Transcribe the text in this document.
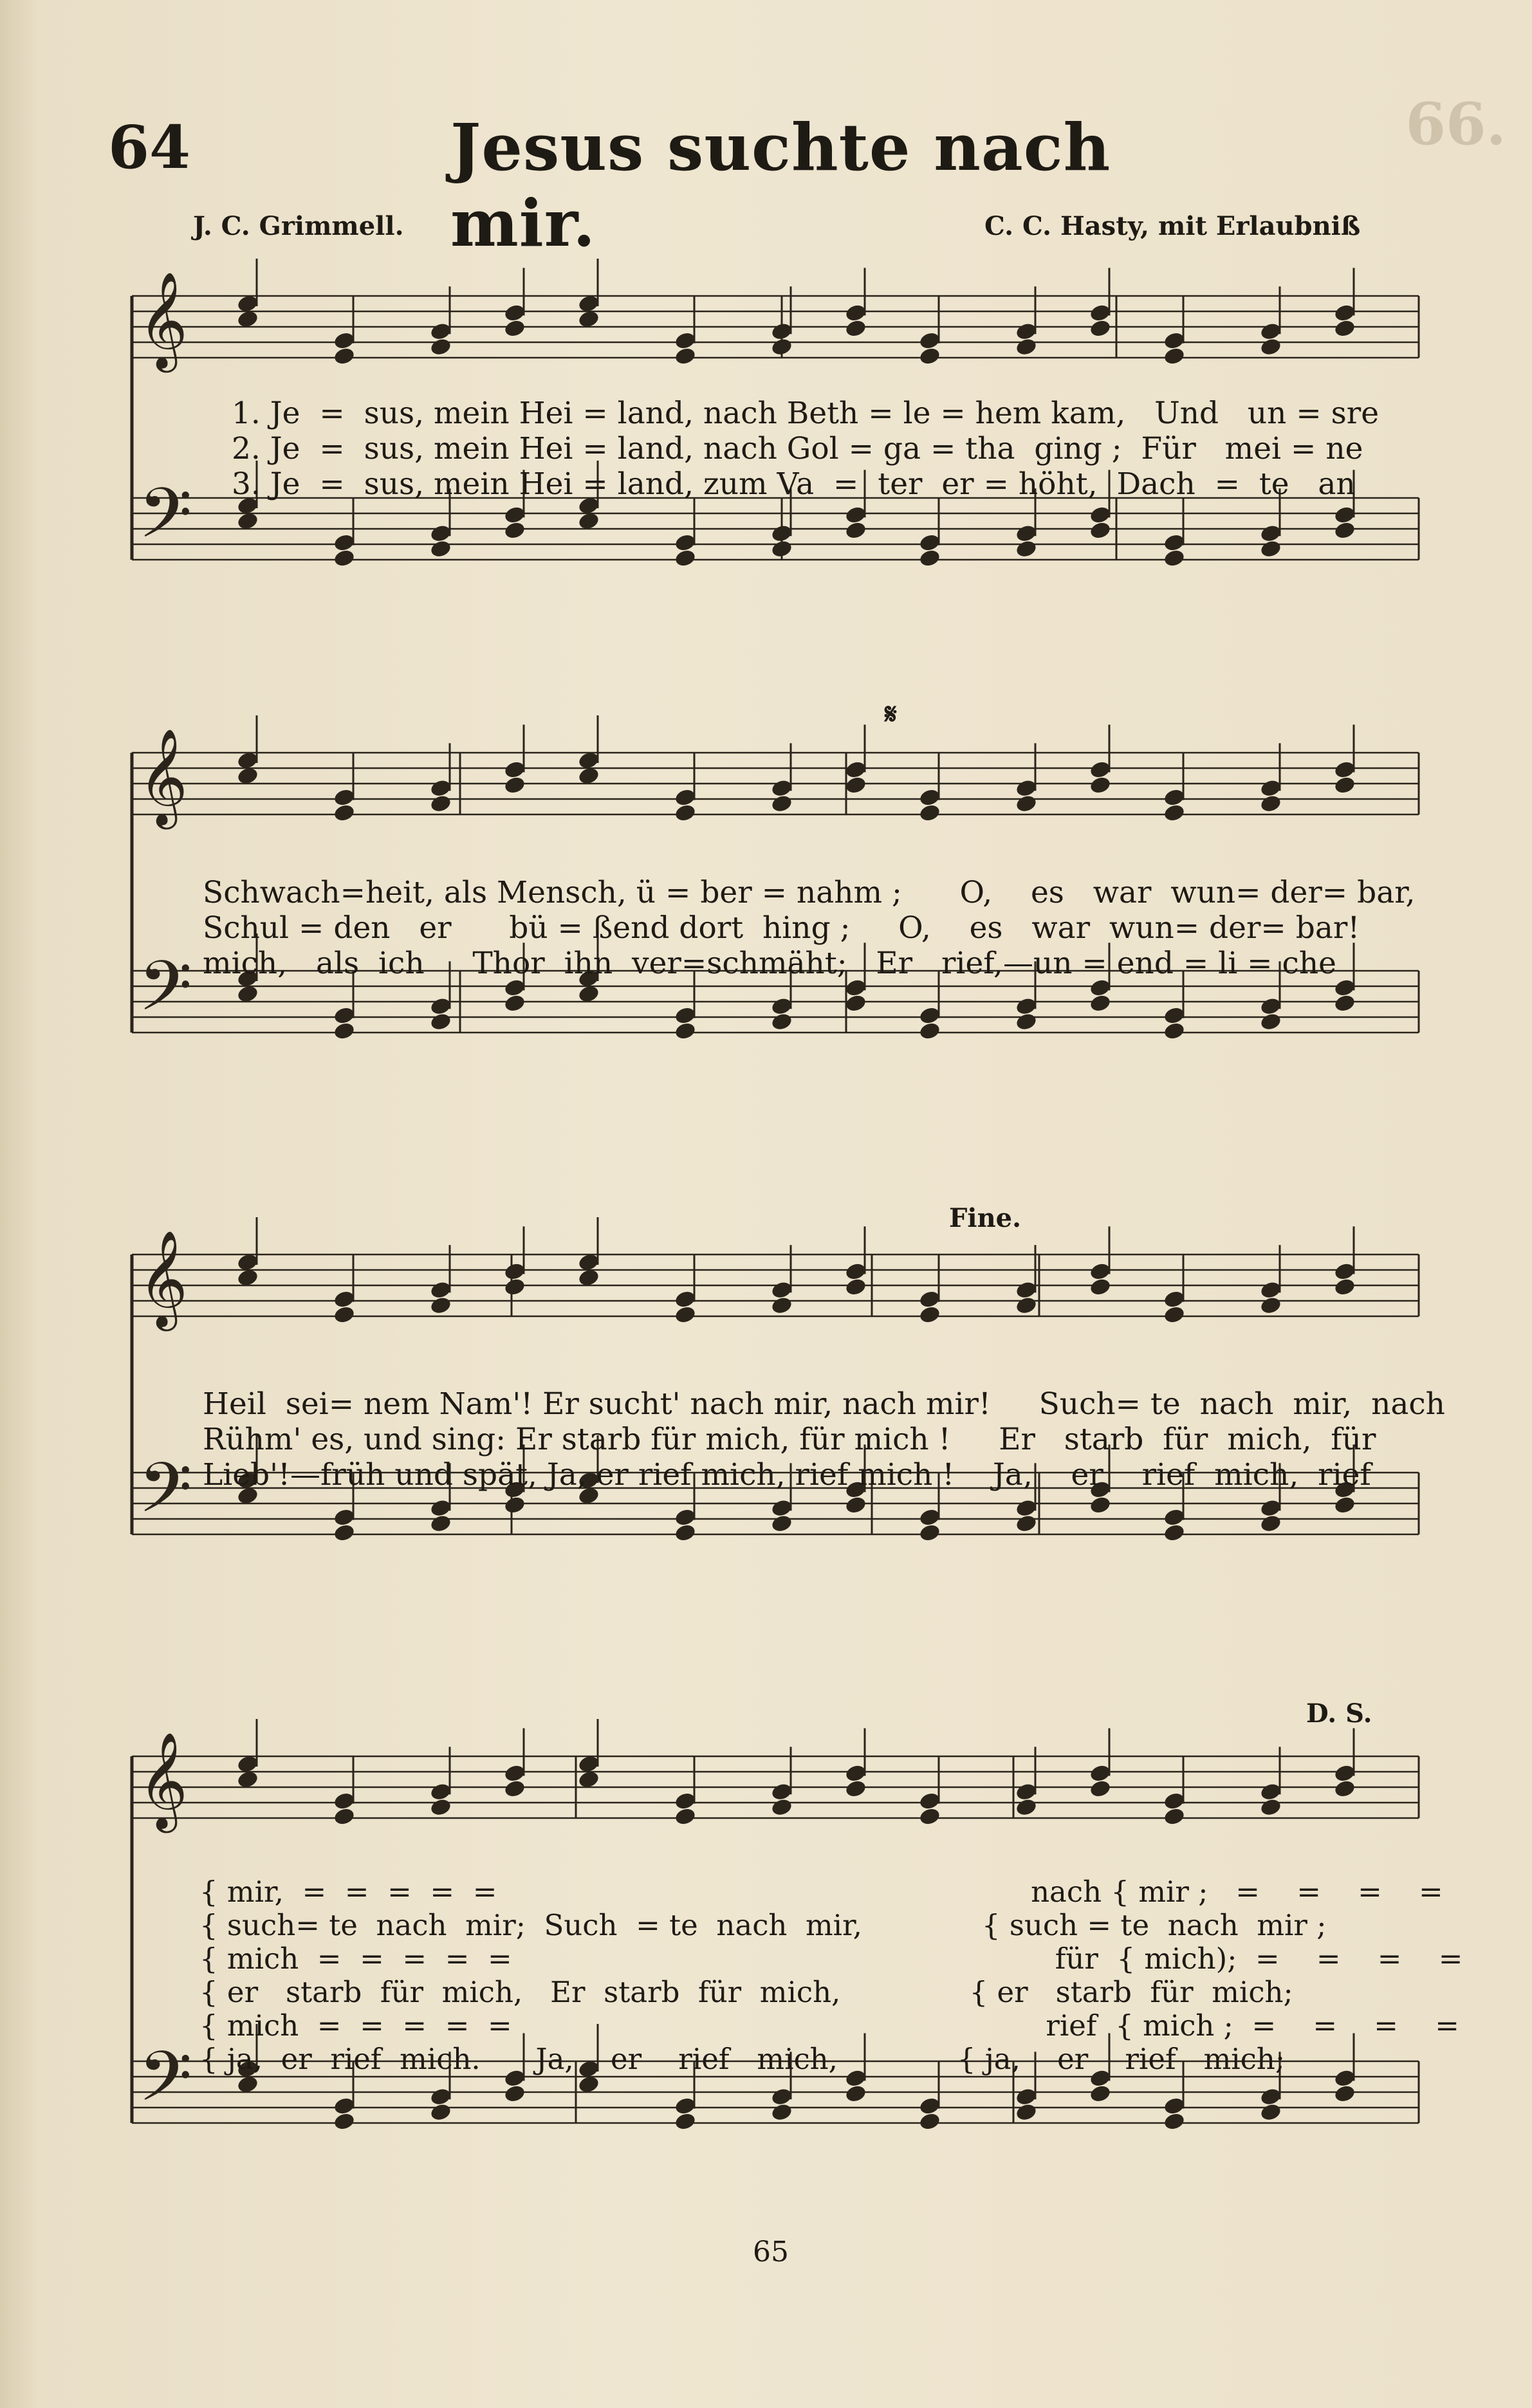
66.
64	Jesus suchte nach mir.
J. C. Grimmell.	C. C. Hasty, mit Erlaubniß
𝄞
𝄢
1. Je  =  sus, mein Hei = land, nach Beth = le = hem kam,   Und   un = sre
2. Je  =  sus, mein Hei = land, nach Gol = ga = tha  ging ;  Für   mei = ne
3. Je  =  sus, mein Hei = land, zum Va  =  ter  er = höht,  Dach  =  te   an
𝄞
𝄢
𝄋
Schwach=heit, als Mensch, ü = ber = nahm ;      O,    es   war  wun= der= bar,
Schul = den   er      bü = ßend dort  hing ;     O,    es   war  wun= der= bar!
mich,   als  ich     Thor  ihn  ver=schmäht;   Er   rief,—un = end = li = che
𝄞
𝄢
Fine.
Heil  sei= nem Nam'! Er sucht' nach mir, nach mir!     Such= te  nach  mir,  nach
Rühm' es, und sing: Er starb für mich, für mich !     Er   starb  für  mich,  für
Lieb'!—früh und spät, Ja, er rief mich, rief mich !    Ja,    er    rief  mich,  rief
𝄞
𝄢
D. S.
{ mir,  =  =  =  =  =                                                          nach { mir ;   =    =    =    =
{ such= te  nach  mir;  Such  = te  nach  mir,             { such = te  nach  mir ;
{ mich  =  =  =  =  =                                                           für  { mich);  =    =    =    =
{ er   starb  für  mich,   Er  starb  für  mich,              { er   starb  für  mich;
{ mich  =  =  =  =  =                                                          rief  { mich ;  =    =    =    =
{ ja,  er  rief  mich.      Ja,    er    rief   mich,             { ja,    er    rief   mich;
65
